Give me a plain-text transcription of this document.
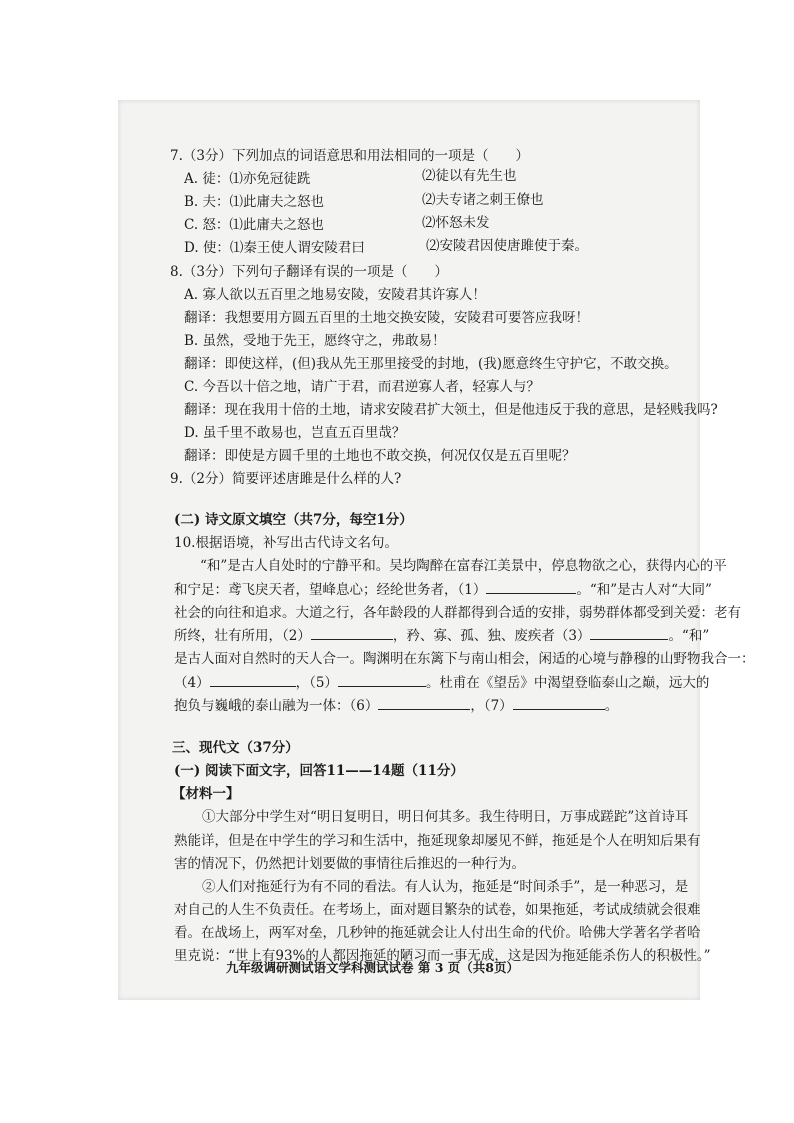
7.（3分）下列加点的词语意思和用法相同的一项是（　　）
A. 徒：⑴亦免冠徒跣	⑵徒以有先生也
B. 夫：⑴此庸夫之怒也	⑵夫专诸之刺王僚也
C. 怒：⑴此庸夫之怒也	⑵怀怒未发
D. 使：⑴秦王使人谓安陵君曰	⑵安陵君因使唐雎使于秦。
8.（3分）下列句子翻译有误的一项是（　　）
A. 寡人欲以五百里之地易安陵，安陵君其许寡人！
翻译：我想要用方圆五百里的土地交换安陵，安陵君可要答应我呀！
B. 虽然，受地于先王，愿终守之，弗敢易！
翻译：即使这样，(但)我从先王那里接受的封地，(我)愿意终生守护它，不敢交换。
C. 今吾以十倍之地，请广于君，而君逆寡人者，轻寡人与？
翻译：现在我用十倍的土地，请求安陵君扩大领土，但是他违反于我的意思，是轻贱我吗?
D. 虽千里不敢易也，岂直五百里哉？
翻译：即使是方圆千里的土地也不敢交换，何况仅仅是五百里呢？
9.（2分）简要评述唐雎是什么样的人?
(二) 诗文原文填空（共7分，每空1分）
10.根据语境，补写出古代诗文名句。
“和”是古人自处时的宁静平和。吴均陶醉在富春江美景中，停息物欲之心，获得内心的平
和宁足：鸢飞戾天者，望峰息心；经纶世务者，（1）	。“和”是古人对“大同”
社会的向往和追求。大道之行，各年龄段的人群都得到合适的安排，弱势群体都受到关爱：老有
所终，壮有所用，（2）	，矜、寡、孤、独、废疾者（3）	。“和”
是古人面对自然时的天人合一。陶渊明在东篱下与南山相会，闲适的心境与静穆的山野物我合一：
（4）	，（5）	。杜甫在《望岳》中渴望登临泰山之巅，远大的
抱负与巍峨的泰山融为一体：（6）	，（7）	。
三、现代文（37分）
(一) 阅读下面文字，回答11——14题（11分）
【材料一】
①大部分中学生对“明日复明日，明日何其多。我生待明日，万事成蹉跎”这首诗耳
熟能详，但是在中学生的学习和生活中，拖延现象却屡见不鲜，拖延是个人在明知后果有
害的情况下，仍然把计划要做的事情往后推迟的一种行为。
②人们对拖延行为有不同的看法。有人认为，拖延是“时间杀手”，是一种恶习，是
对自己的人生不负责任。在考场上，面对题目繁杂的试卷，如果拖延，考试成绩就会很难
看。在战场上，两军对垒，几秒钟的拖延就会让人付出生命的代价。哈佛大学著名学者哈
里克说：“世上有93%的人都因拖延的陋习而一事无成，这是因为拖延能杀伤人的积极性。”
九年级调研测试语文学科测试试卷 第 3 页（共8页）
